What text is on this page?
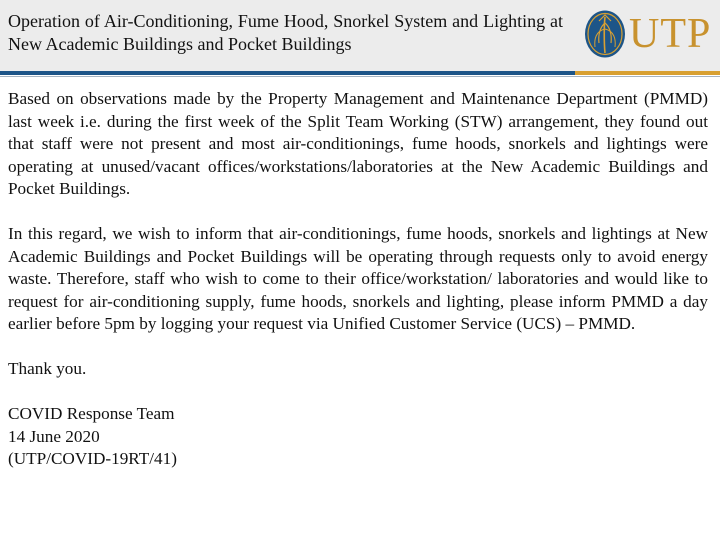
Operation of Air-Conditioning, Fume Hood, Snorkel System and Lighting at New Academic Buildings and Pocket Buildings	UTP

Based on observations made by the Property Management and Maintenance Department (PMMD) last week i.e. during the first week of the Split Team Working (STW) arrangement, they found out that staff were not present and most air-conditionings, fume hoods, snorkels and lightings were operating at unused/vacant offices/workstations/laboratories at the New Academic Buildings and Pocket Buildings.

In this regard, we wish to inform that air-conditionings, fume hoods, snorkels and lightings at New Academic Buildings and Pocket Buildings will be operating through requests only to avoid energy waste. Therefore, staff who wish to come to their office/workstation/ laboratories and would like to request for air-conditioning supply, fume hoods, snorkels and lighting, please inform PMMD a day earlier before 5pm by logging your request via Unified Customer Service (UCS) – PMMD.

Thank you.

COVID Response Team

14 June 2020

(UTP/COVID-19RT/41)
